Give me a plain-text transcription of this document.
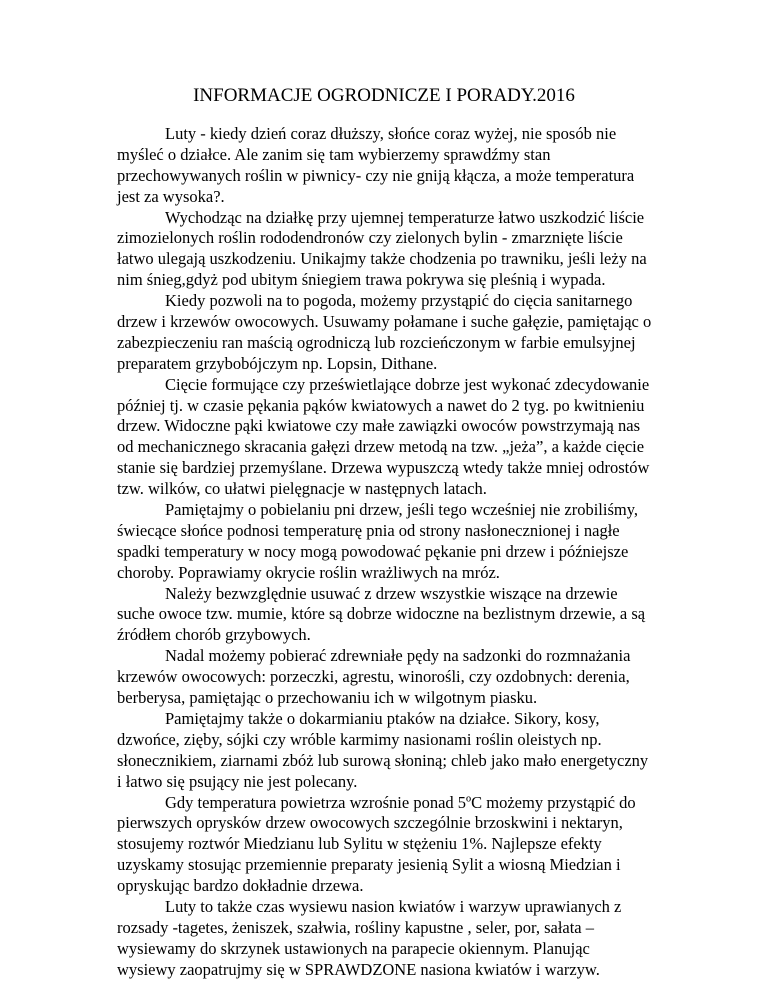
INFORMACJE OGRODNICZE I PORADY.2016
Luty - kiedy dzień coraz dłuższy, słońce coraz wyżej, nie sposób nie
myśleć o działce. Ale zanim się tam wybierzemy sprawdźmy stan
przechowywanych roślin w piwnicy- czy nie gniją kłącza, a może temperatura
jest za wysoka?.
Wychodząc na działkę przy ujemnej temperaturze łatwo uszkodzić liście
zimozielonych roślin rododendronów czy zielonych bylin - zmarznięte liście
łatwo ulegają uszkodzeniu. Unikajmy także chodzenia po trawniku, jeśli leży na
nim śnieg,gdyż pod ubitym śniegiem trawa pokrywa się pleśnią i wypada.
Kiedy pozwoli na to pogoda, możemy przystąpić do cięcia sanitarnego
drzew i krzewów owocowych. Usuwamy połamane i suche gałęzie, pamiętając o
zabezpieczeniu ran maścią ogrodniczą lub rozcieńczonym w farbie emulsyjnej
preparatem grzybobójczym np. Lopsin, Dithane.
Cięcie formujące czy prześwietlające dobrze jest wykonać zdecydowanie
później tj. w czasie pękania pąków kwiatowych a nawet do 2 tyg. po kwitnieniu
drzew. Widoczne pąki kwiatowe czy małe zawiązki owoców powstrzymają nas
od mechanicznego skracania gałęzi drzew metodą na tzw. „jeża”, a każde cięcie
stanie się bardziej przemyślane. Drzewa wypuszczą wtedy także mniej odrostów
tzw. wilków, co ułatwi pielęgnacje w następnych latach.
Pamiętajmy o pobielaniu pni drzew, jeśli tego wcześniej nie zrobiliśmy,
świecące słońce podnosi temperaturę pnia od strony nasłonecznionej i nagłe
spadki temperatury w nocy mogą powodować pękanie pni drzew i późniejsze
choroby. Poprawiamy okrycie roślin wrażliwych na mróz.
Należy bezwzględnie usuwać z drzew wszystkie wiszące na drzewie
suche owoce tzw. mumie, które są dobrze widoczne na bezlistnym drzewie, a są
źródłem chorób grzybowych.
Nadal możemy pobierać zdrewniałe pędy na sadzonki do rozmnażania
krzewów owocowych: porzeczki, agrestu, winorośli, czy ozdobnych: derenia,
berberysa, pamiętając o przechowaniu ich w wilgotnym piasku.
Pamiętajmy także o dokarmianiu ptaków na działce. Sikory, kosy,
dzwońce, zięby, sójki czy wróble karmimy nasionami roślin oleistych np.
słonecznikiem, ziarnami zbóż lub surową słoniną; chleb jako mało energetyczny
i łatwo się psujący nie jest polecany.
Gdy temperatura powietrza wzrośnie ponad 5ºC możemy przystąpić do
pierwszych oprysków drzew owocowych szczególnie brzoskwini i nektaryn,
stosujemy roztwór Miedzianu lub Sylitu w stężeniu 1%. Najlepsze efekty
uzyskamy stosując przemiennie preparaty jesienią Sylit a wiosną Miedzian i
opryskując bardzo dokładnie drzewa.
Luty to także czas wysiewu nasion kwiatów i warzyw uprawianych z
rozsady -tagetes, żeniszek, szałwia, rośliny kapustne , seler, por, sałata –
wysiewamy do skrzynek ustawionych na parapecie okiennym. Planując
wysiewy zaopatrujmy się w SPRAWDZONE nasiona kwiatów i warzyw.
